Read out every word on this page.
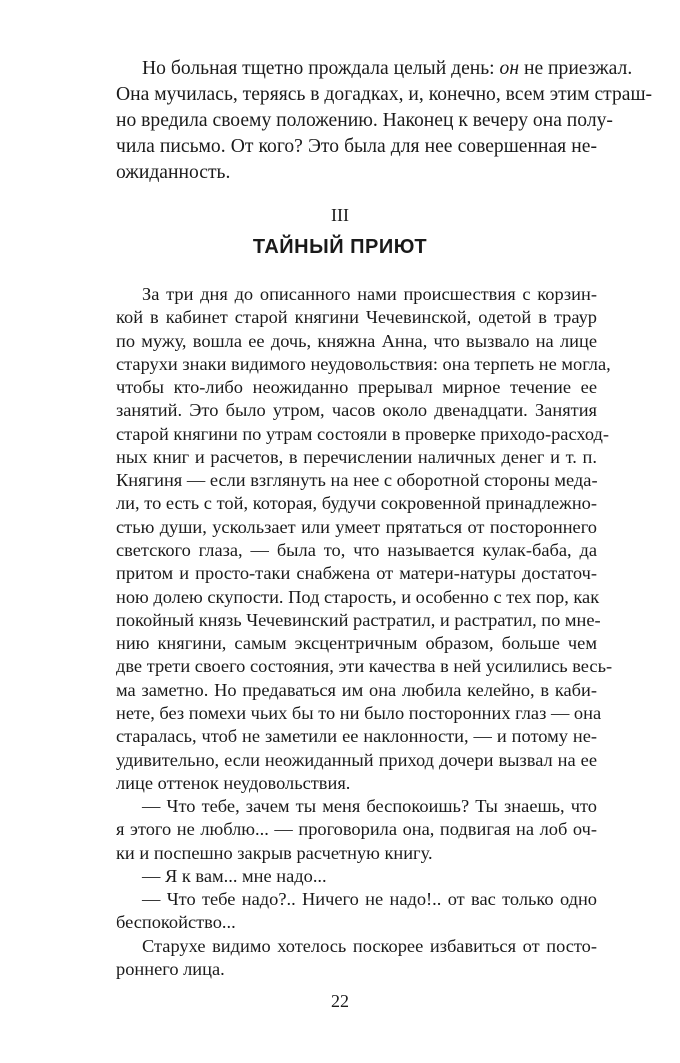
Но больная тщетно прождала целый день: он не приезжал.
Она мучилась, теряясь в догадках, и, конечно, всем этим страш-
но вредила своему положению. Наконец к вечеру она полу-
чила письмо. От кого? Это была для нее совершенная не-
ожиданность.
III
ТАЙНЫЙ ПРИЮТ
За три дня до описанного нами происшествия с корзин-
кой в кабинет старой княгини Чечевинской, одетой в траур
по мужу, вошла ее дочь, княжна Анна, что вызвало на лице
старухи знаки видимого неудовольствия: она терпеть не могла,
чтобы кто-либо неожиданно прерывал мирное течение ее
занятий. Это было утром, часов около двенадцати. Занятия
старой княгини по утрам состояли в проверке приходо-расход-
ных книг и расчетов, в перечислении наличных денег и т. п.
Княгиня — если взглянуть на нее с оборотной стороны меда-
ли, то есть с той, которая, будучи сокровенной принадлежно-
стью души, ускользает или умеет прятаться от постороннего
светского глаза, — была то, что называется кулак-баба, да
притом и просто-таки снабжена от матери-натуры достаточ-
ною долею скупости. Под старость, и особенно с тех пор, как
покойный князь Чечевинский растратил, и растратил, по мне-
нию княгини, самым эксцентричным образом, больше чем
две трети своего состояния, эти качества в ней усилились весь-
ма заметно. Но предаваться им она любила келейно, в каби-
нете, без помехи чьих бы то ни было посторонних глаз — она
старалась, чтоб не заметили ее наклонности, — и потому не-
удивительно, если неожиданный приход дочери вызвал на ее
лице оттенок неудовольствия.
— Что тебе, зачем ты меня беспокоишь? Ты знаешь, что
я этого не люблю... — проговорила она, подвигая на лоб оч-
ки и поспешно закрыв расчетную книгу.
— Я к вам... мне надо...
— Что тебе надо?.. Ничего не надо!.. от вас только одно
беспокойство...
Старухе видимо хотелось поскорее избавиться от посто-
роннего лица.
22
